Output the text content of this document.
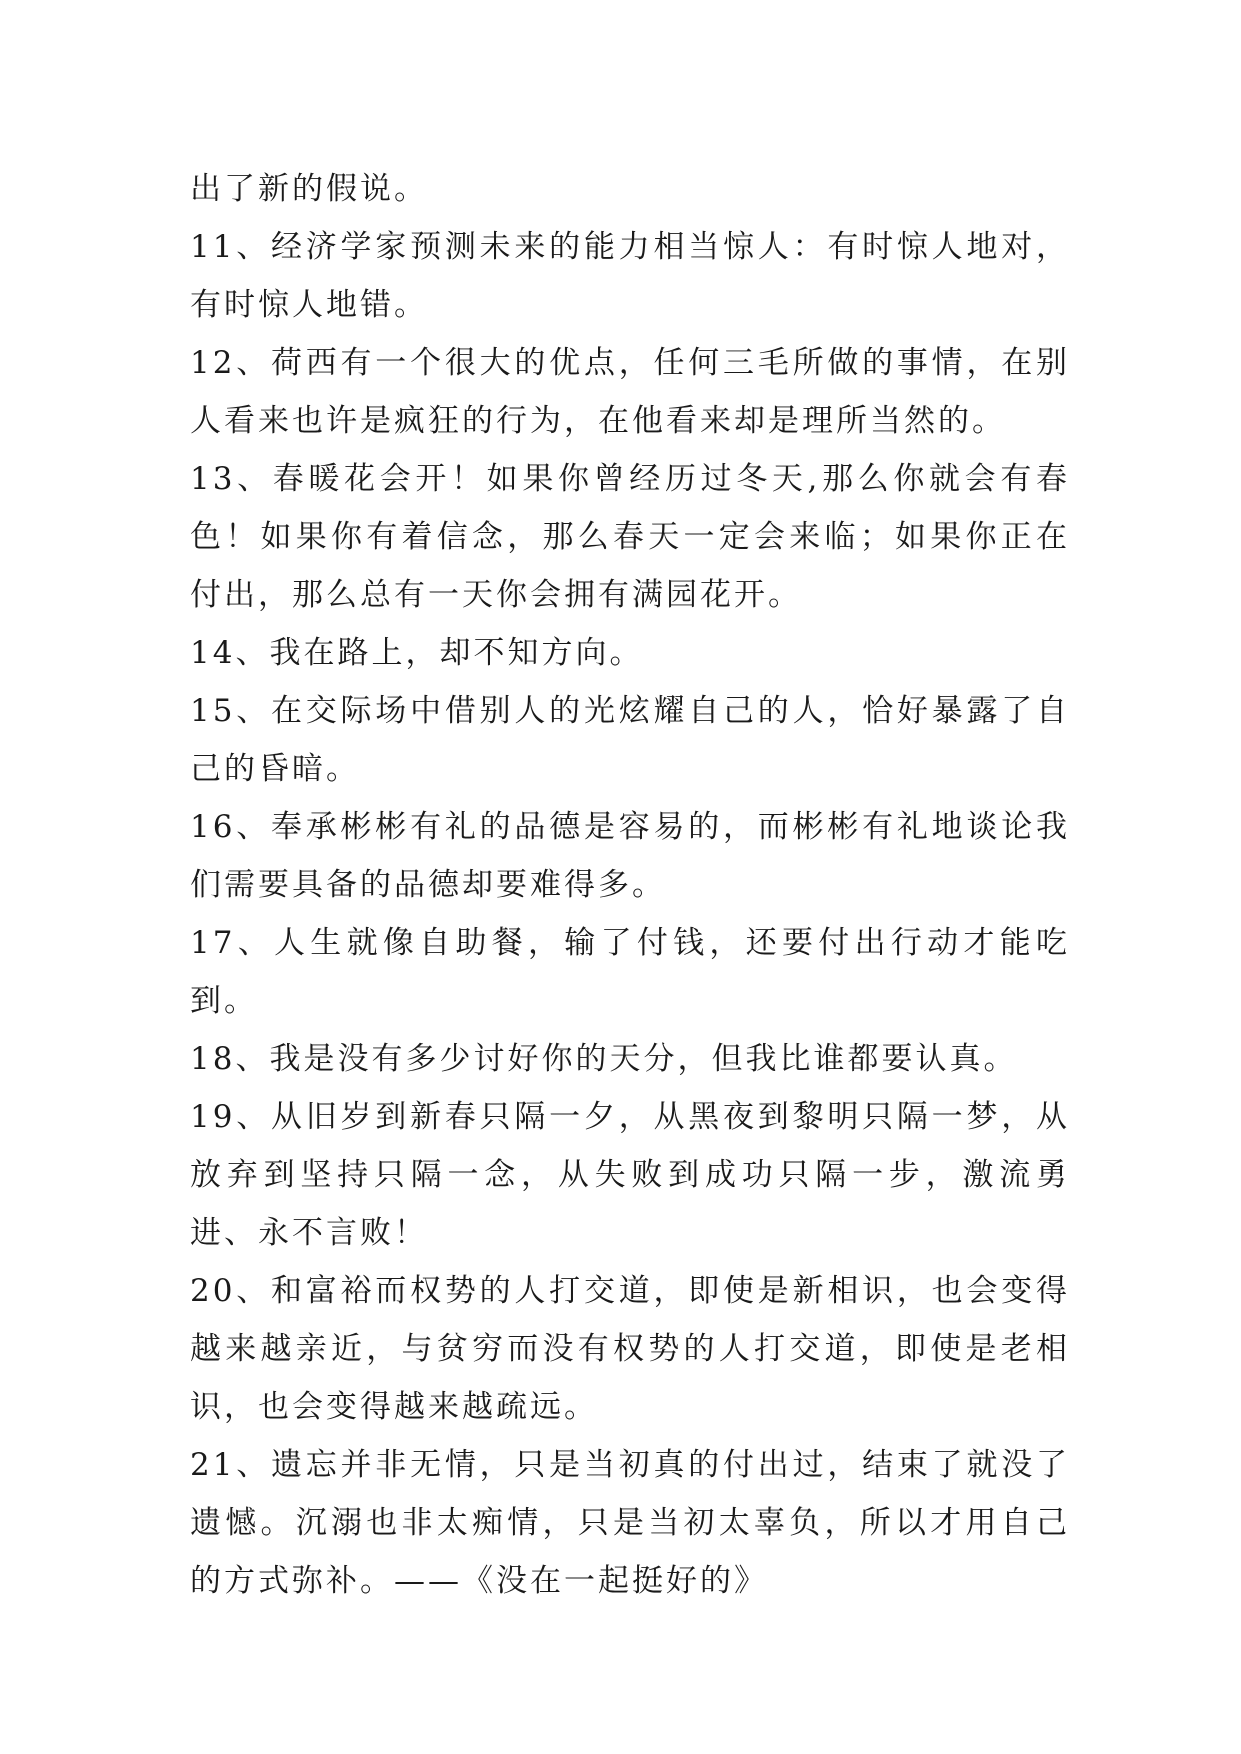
出了新的假说。

11、经济学家预测未来的能力相当惊人：有时惊人地对，有时惊人地错。

12、荷西有一个很大的优点，任何三毛所做的事情，在别人看来也许是疯狂的行为，在他看来却是理所当然的。

13、春暖花会开！如果你曾经历过冬天,那么你就会有春色！如果你有着信念，那么春天一定会来临；如果你正在付出，那么总有一天你会拥有满园花开。

14、我在路上，却不知方向。

15、在交际场中借别人的光炫耀自己的人，恰好暴露了自己的昏暗。

16、奉承彬彬有礼的品德是容易的，而彬彬有礼地谈论我们需要具备的品德却要难得多。

17、人生就像自助餐，输了付钱，还要付出行动才能吃到。

18、我是没有多少讨好你的天分，但我比谁都要认真。

19、从旧岁到新春只隔一夕，从黑夜到黎明只隔一梦，从放弃到坚持只隔一念，从失败到成功只隔一步，激流勇进、永不言败！

20、和富裕而权势的人打交道，即使是新相识，也会变得越来越亲近，与贫穷而没有权势的人打交道，即使是老相识，也会变得越来越疏远。

21、遗忘并非无情，只是当初真的付出过，结束了就没了遗憾。沉溺也非太痴情，只是当初太辜负，所以才用自己的方式弥补。——《没在一起挺好的》
